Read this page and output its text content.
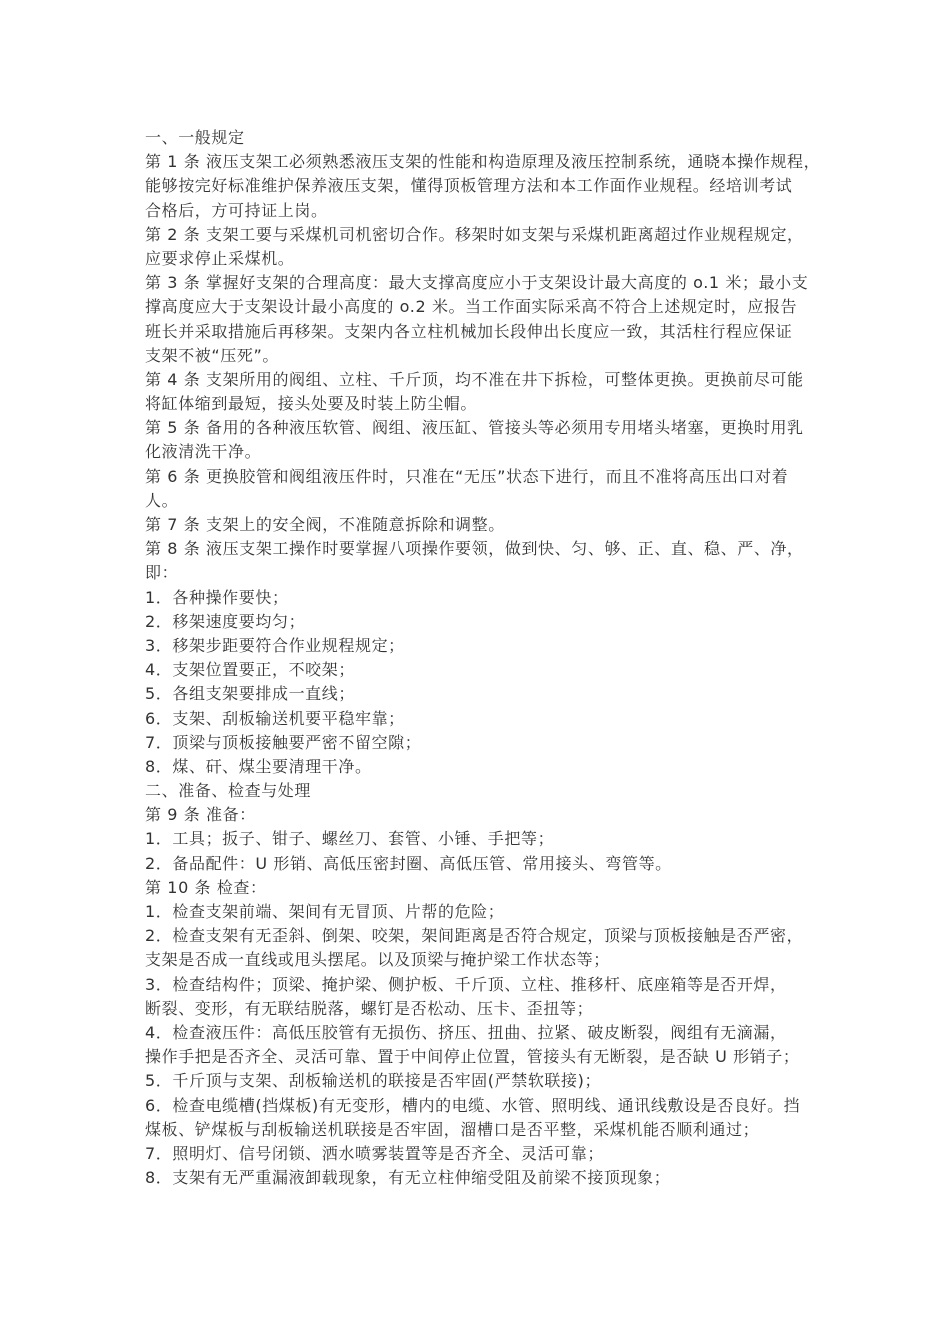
一、一般规定
第 1 条 液压支架工必须熟悉液压支架的性能和构造原理及液压控制系统，通晓本操作规程，
能够按完好标准维护保养液压支架，懂得顶板管理方法和本工作面作业规程。经培训考试
合格后，方可持证上岗。
第 2 条 支架工要与采煤机司机密切合作。移架时如支架与采煤机距离超过作业规程规定，
应要求停止采煤机。
第 3 条 掌握好支架的合理高度：最大支撑高度应小于支架设计最大高度的 o.1 米；最小支
撑高度应大于支架设计最小高度的 o.2 米。当工作面实际采高不符合上述规定时，应报告
班长并采取措施后再移架。支架内各立柱机械加长段伸出长度应一致，其活柱行程应保证
支架不被“压死”。
第 4 条 支架所用的阀组、立柱、千斤顶，均不准在井下拆检，可整体更换。更换前尽可能
将缸体缩到最短，接头处要及时装上防尘帽。
第 5 条 备用的各种液压软管、阀组、液压缸、管接头等必须用专用堵头堵塞，更换时用乳
化液清洗干净。
第 6 条 更换胶管和阀组液压件时，只准在“无压”状态下进行，而且不准将高压出口对着
人。
第 7 条 支架上的安全阀，不准随意拆除和调整。
第 8 条 液压支架工操作时要掌握八项操作要领，做到快、匀、够、正、直、稳、严、净，
即：
1．各种操作要快；
2．移架速度要均匀；
3．移架步距要符合作业规程规定；
4．支架位置要正，不咬架；
5．各组支架要排成一直线；
6．支架、刮板输送机要平稳牢靠；
7．顶梁与顶板接触要严密不留空隙；
8．煤、矸、煤尘要清理干净。
二、准备、检查与处理
第 9 条 准备：
1．工具；扳子、钳子、螺丝刀、套管、小锤、手把等；
2．备品配件：U 形销、高低压密封圈、高低压管、常用接头、弯管等。
第 10 条 检查：
1．检查支架前端、架间有无冒顶、片帮的危险；
2．检查支架有无歪斜、倒架、咬架，架间距离是否符合规定，顶梁与顶板接触是否严密，
支架是否成一直线或甩头摆尾。以及顶梁与掩护梁工作状态等；
3．检查结构件；顶梁、掩护梁、侧护板、千斤顶、立柱、推移杆、底座箱等是否开焊，
断裂、变形，有无联结脱落，螺钉是否松动、压卡、歪扭等；
4．检查液压件：高低压胶管有无损伤、挤压、扭曲、拉紧、破皮断裂，阀组有无滴漏，
操作手把是否齐全、灵活可靠、置于中间停止位置，管接头有无断裂，是否缺 U 形销子；
5．千斤顶与支架、刮板输送机的联接是否牢固(严禁软联接)；
6．检查电缆槽(挡煤板)有无变形，槽内的电缆、水管、照明线、通讯线敷设是否良好。挡
煤板、铲煤板与刮板输送机联接是否牢固，溜槽口是否平整，采煤机能否顺利通过；
7．照明灯、信号闭锁、洒水喷雾装置等是否齐全、灵活可靠；
8．支架有无严重漏液卸载现象，有无立柱伸缩受阻及前梁不接顶现象；
